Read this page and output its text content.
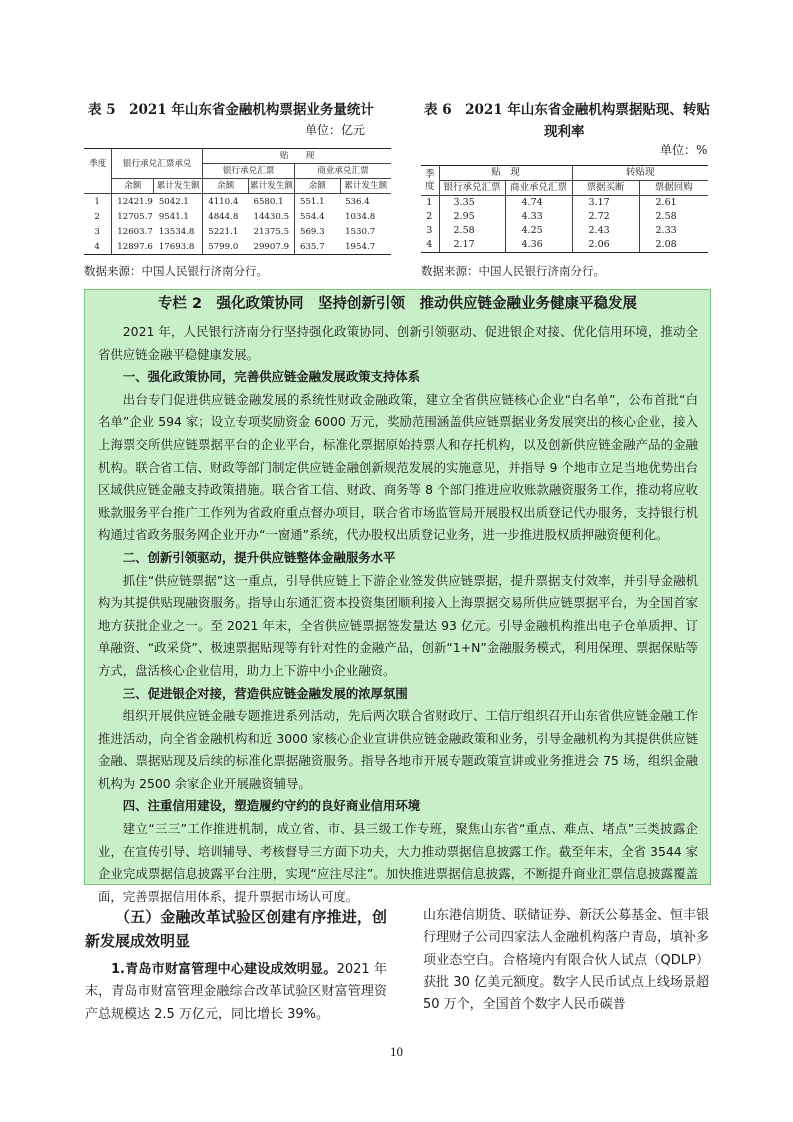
表 5　2021 年山东省金融机构票据业务量统计
单位：亿元
季度	银行承兑汇票承兑		贴　　现			
			银行承兑汇票		商业承兑汇票	
	余额	累计发生额	余额	累计发生额	余额	累计发生额
1	12421.9	5042.1	4110.4	6580.1	551.1	536.4
2	12705.7	9541.1	4844.8	14430.5	554.4	1034.8
3	12603.7	13534.8	5221.1	21375.5	569.3	1530.7
4	12897.6	17693.8	5799.0	29907.9	635.7	1954.7
数据来源：中国人民银行济南分行。
表 6　2021 年山东省金融机构票据贴现、转贴
现利率
单位：%
季
度	贴　现		转贴现	
	银行承兑汇票	商业承兑汇票	票据买断	票据回购
1	3.35	4.74	3.17	2.61
2	2.95	4.33	2.72	2.58
3	2.58	4.25	2.43	2.33
4	2.17	4.36	2.06	2.08
数据来源：中国人民银行济南分行。
专栏 2　强化政策协同　坚持创新引领　推动供应链金融业务健康平稳发展

2021 年，人民银行济南分行坚持强化政策协同、创新引领驱动、促进银企对接、优化信用环境，推动全省供应链金融平稳健康发展。

一、强化政策协同，完善供应链金融发展政策支持体系

出台专门促进供应链金融发展的系统性财政金融政策，建立全省供应链核心企业“白名单”，公布首批“白名单”企业 594 家；设立专项奖励资金 6000 万元，奖励范围涵盖供应链票据业务发展突出的核心企业，接入上海票交所供应链票据平台的企业平台，标准化票据原始持票人和存托机构，以及创新供应链金融产品的金融机构。联合省工信、财政等部门制定供应链金融创新规范发展的实施意见，并指导 9 个地市立足当地优势出台区域供应链金融支持政策措施。联合省工信、财政、商务等 8 个部门推进应收账款融资服务工作，推动将应收账款服务平台推广工作列为省政府重点督办项目，联合省市场监管局开展股权出质登记代办服务，支持银行机构通过省政务服务网企业开办“一窗通”系统，代办股权出质登记业务，进一步推进股权质押融资便利化。

二、创新引领驱动，提升供应链整体金融服务水平

抓住“供应链票据”这一重点，引导供应链上下游企业签发供应链票据，提升票据支付效率，并引导金融机构为其提供贴现融资服务。指导山东通汇资本投资集团顺利接入上海票据交易所供应链票据平台，为全国首家地方获批企业之一。至 2021 年末，全省供应链票据签发量达 93 亿元。引导金融机构推出电子仓单质押、订单融资、“政采贷”、极速票据贴现等有针对性的金融产品，创新“1+N”金融服务模式，利用保理、票据保贴等方式，盘活核心企业信用，助力上下游中小企业融资。

三、促进银企对接，营造供应链金融发展的浓厚氛围

组织开展供应链金融专题推进系列活动，先后两次联合省财政厅、工信厅组织召开山东省供应链金融工作推进活动，向全省金融机构和近 3000 家核心企业宣讲供应链金融政策和业务，引导金融机构为其提供供应链金融、票据贴现及后续的标准化票据融资服务。指导各地市开展专题政策宣讲或业务推进会 75 场，组织金融机构为 2500 余家企业开展融资辅导。

四、注重信用建设，塑造履约守约的良好商业信用环境

建立“三三”工作推进机制，成立省、市、县三级工作专班，聚焦山东省“重点、难点、堵点”三类披露企业，在宣传引导、培训辅导、考核督导三方面下功夫，大力推动票据信息披露工作。截至年末，全省 3544 家企业完成票据信息披露平台注册，实现“应注尽注”。加快推进票据信息披露，不断提升商业汇票信息披露覆盖面，完善票据信用体系，提升票据市场认可度。

（五）金融改革试验区创建有序推进，创新发展成效明显

1.青岛市财富管理中心建设成效明显。2021 年末，青岛市财富管理金融综合改革试验区财富管理资产总规模达 2.5 万亿元，同比增长 39%。

山东港信期货、联储证券、新沃公募基金、恒丰银行理财子公司四家法人金融机构落户青岛，填补多项业态空白。合格境内有限合伙人试点（QDLP）获批 30 亿美元额度。数字人民币试点上线场景超 50 万个，全国首个数字人民币碳普

10
